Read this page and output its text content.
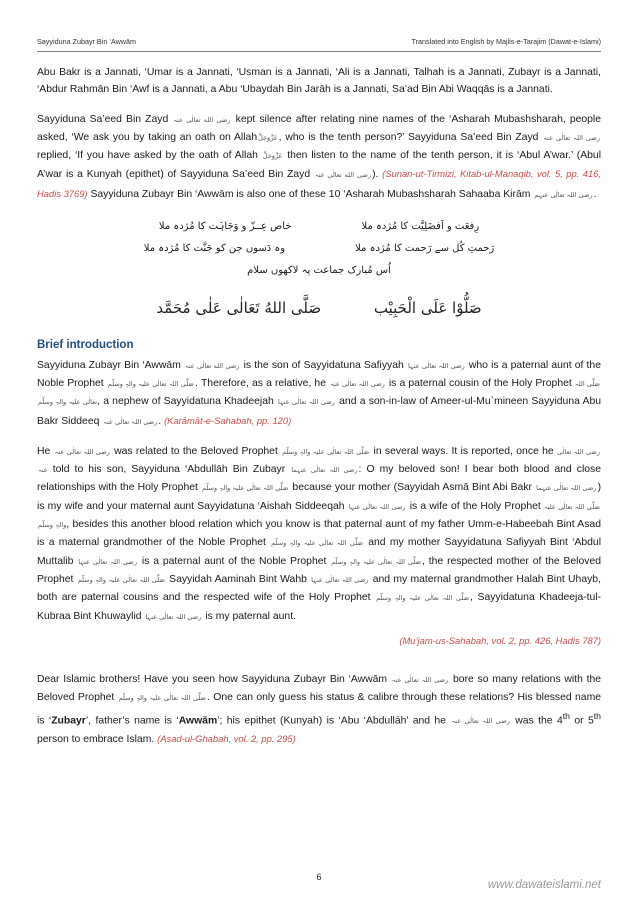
Sayyiduna Zubayr Bin ‘Awwām	Translated into English by Majlis-e-Tarajim (Dawat-e-Islami)

Abu Bakr is a Jannati, ‘Umar is a Jannati, ‘Usman is a Jannati, ‘Ali is a Jannati, Talhah is a Jannati, Zubayr is a Jannati, ‘Abdur Rahmān Bin ‘Awf is a Jannati, a Abu ‘Ubaydah Bin Jarāh is a Jannati, Sa’ad Bin Abi Waqqās is a Jannati.

Sayyiduna Sa’eed Bin Zayd رضی الله تعالٰی عنہ kept silence after relating nine names of the ‘Asharah Mubashsharah, people asked, ‘We ask you by taking an oath on Allahعَزَّوَجَلَّ, who is the tenth person?’ Sayyiduna Sa’eed Bin Zayd رضی اللہ تعالٰی عنہ replied, ‘If you have asked by the oath of Allah عَزَّوَجَلَّ then listen to the name of the tenth person, it is ‘Abul A’war.’ (Abul A’war is a Kunyah (epithet) of Sayyiduna Sa’eed Bin Zayd رضی الله تعالٰی عنہ). (Sunan-ut-Tirmizi, Kitab-ul-Manaqib, vol. 5, pp. 416, Hadis 3769) Sayyiduna Zubayr Bin ‘Awwām is also one of these 10 ‘Asharah Mubashsharah Sahaaba Kirām رضی اللہ تعالٰی عنہم.

رِفعَت و اَفضَلِیَّت کا مُژدہ ملا
خاص عِــزّ و وَجَاہَت کا مُژدہ ملا
رَحمتِ کُل سے رَحمت کا مُژدہ ملا
وہ دَسوں جن کو جَنَّت کا مُژدہ ملا
اُس مُبارک جماعت پہ لاکھوں سلام
صَلُّوْا عَلَى الْحَبِيْب صَلَّى اللهُ تَعَالٰى عَلٰى مُحَمَّد
Brief introduction

Sayyiduna Zubayr Bin ‘Awwām رضی الله تعالٰی عنہ is the son of Sayyidatuna Safiyyah رضی اللہ تعالٰی عنہا who is a paternal aunt of the Noble Prophet صَلَّی اللہ تعالٰی علیہ والہٖ وسلّم. Therefore, as a relative, he رضی اللہ تعالٰی عنہ is a paternal cousin of the Holy Prophet صَلَّی اللہ تعالٰی علیہ والہٖ وسلّم, a nephew of Sayyidatuna Khadeejah رضی اللہ تعالٰی عنہا and a son-in-law of Ameer-ul-Mu`mineen Sayyiduna Abu Bakr Siddeeq رضی اللہ تعالٰی عنہ. (Karāmāt-e-Sahabah, pp. 120)

He رضی اللہ تعالٰی عنہ was related to the Beloved Prophet صَلَّی اللہ تعالٰی علیہ والہٖ وسلّم in several ways. It is reported, once he رضی اللہ تعالٰی عنہ told to his son, Sayyiduna ‘Abdullāh Bin Zubayr رضی اللہ تعالٰی عنہما: O my beloved son! I bear both blood and close relationships with the Holy Prophet صَلَّی اللہ تعالٰی علیہ والہٖ وسلّم because your mother (Sayyidah Asmā Bint Abi Bakr رضی اللہ تعالٰی عنہما) is my wife and your maternal aunt Sayyidatuna ‘Aishah Siddeeqah رضی اللہ تعالٰی عنہا is a wife of the Holy Prophet صَلَّی اللہ تعالٰی علیہ والہٖ وسلّم, besides this another blood relation which you know is that paternal aunt of my father Umm-e-Habeebah Bint Asad is a maternal grandmother of the Noble Prophet صَلَّی اللہ تعالٰی علیہ والہٖ وسلّم and my mother Sayyidatuna Safiyyah Bint ‘Abdul Muttalib رضی اللہ تعالٰی عنہا is a paternal aunt of the Noble Prophet صَلَّی اللہ تعالٰی علیہ والہٖ وسلّم, the respected mother of the Beloved Prophet صَلَّی اللہ تعالٰی علیہ والہٖ وسلّم Sayyidah Aaminah Bint Wahb رضی اللہ تعالٰی عنہا and my maternal grandmother Halah Bint Uhayb, both are paternal cousins and the respected wife of the Holy Prophet صَلَّی اللہ تعالٰی علیہ والہٖ وسلّم, Sayyidatuna Khadeeja-tul-Kubraa Bint Khuwaylid رضی اللہ تعالٰی عنہا is my paternal aunt.

(Mu’jam-us-Sahabah, vol. 2, pp. 426, Hadis 787)

Dear Islamic brothers! Have you seen how Sayyiduna Zubayr Bin ‘Awwām رضی اللہ تعالٰی عنہ bore so many relations with the Beloved Prophet صَلَّی اللہ تعالٰی علیہ والہٖ وسلّم. One can only guess his status & calibre through these relations? His blessed name is ‘Zubayr’, father’s name is ‘Awwām’; his epithet (Kunyah) is ‘Abu ‘Abdullāh’ and he رضی اللہ تعالٰی عنہ was the 4th or 5th person to embrace Islam. (Asad-ul-Ghabah, vol. 2, pp. 295)

6
www.dawateislami.net
